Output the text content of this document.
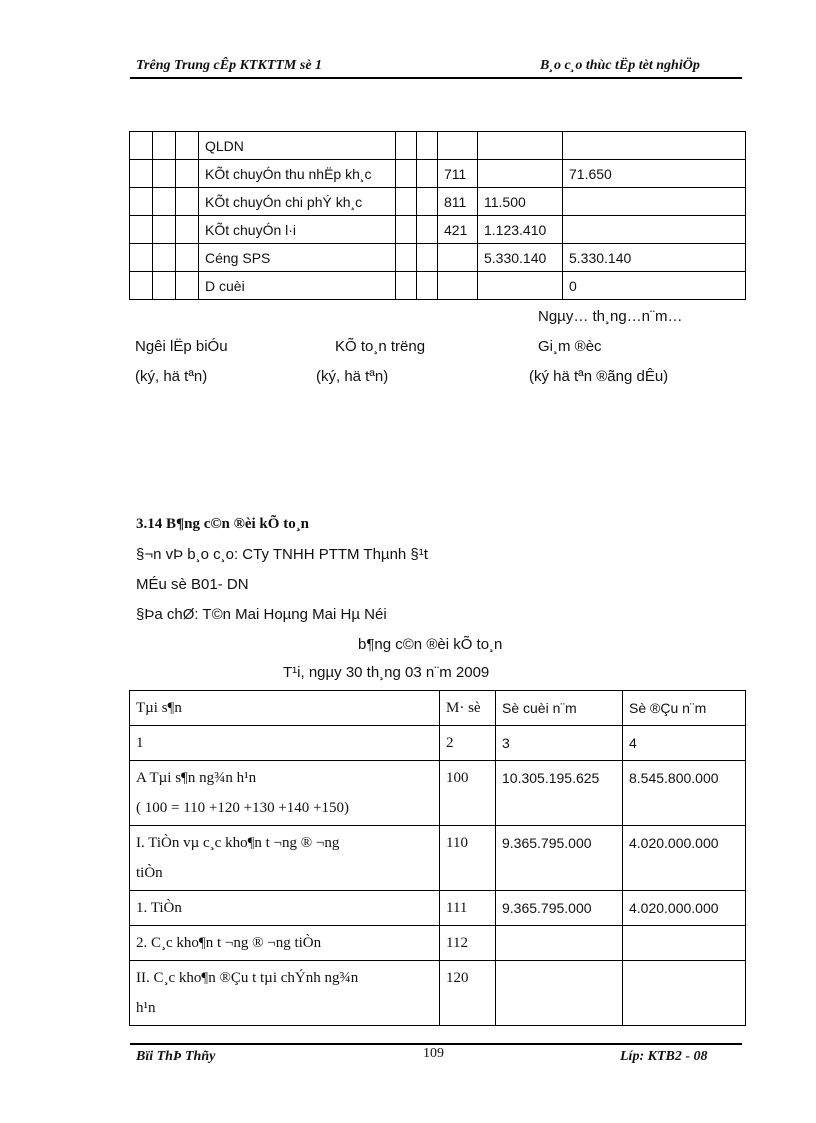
Trêng Trung cÊp KTKTTM sè 1	B¸o c¸o thùc tËp tèt nghiÖp
			QLDN					
			KÕt chuyÓn thu nhËp kh¸c			711		71.650
			KÕt chuyÓn chi phÝ kh¸c			811	11.500	
			KÕt chuyÓn l·i			421	1.123.410	
			Céng SPS				5.330.140	5.330.140
			D cuèi					0
Ngµy… th¸ng…n¨m…
Ngêi lËp biÓu	KÕ to¸n trëng	Gi¸m ®èc
(ký, hä tªn)	(ký, hä tªn)	(ký hä tªn ®ãng dÊu)
3.14 B¶ng c©n ®èi kÕ to¸n
§¬n vÞ b¸o c¸o: CTy TNHH PTTM Thµnh §¹t
MÉu sè B01- DN
§Þa chØ: T©n Mai Hoµng Mai Hµ Néi
b¶ng c©n ®èi kÕ to¸n
T¹i, ngµy 30 th¸ng 03 n¨m 2009
Tµi s¶n	M· sè	Sè cuèi n¨m	Sè ®Çu n¨m
1	2	3	4

A Tµi s¶n ng¾n h¹n
( 100 = 110 +120 +130 +140 +150)	100	10.305.195.625	8.545.800.000

I. TiÒn vµ c¸c kho¶n t ¬ng ® ¬ng
tiÒn	110	9.365.795.000	4.020.000.000
1. TiÒn	111	9.365.795.000	4.020.000.000
2. C¸c kho¶n t ¬ng ® ¬ng tiÒn	112		

II. C¸c kho¶n ®Çu t tµi chÝnh ng¾n
h¹n	120		
Bïi ThÞ Thñy	109	Líp: KTB2 - 08
